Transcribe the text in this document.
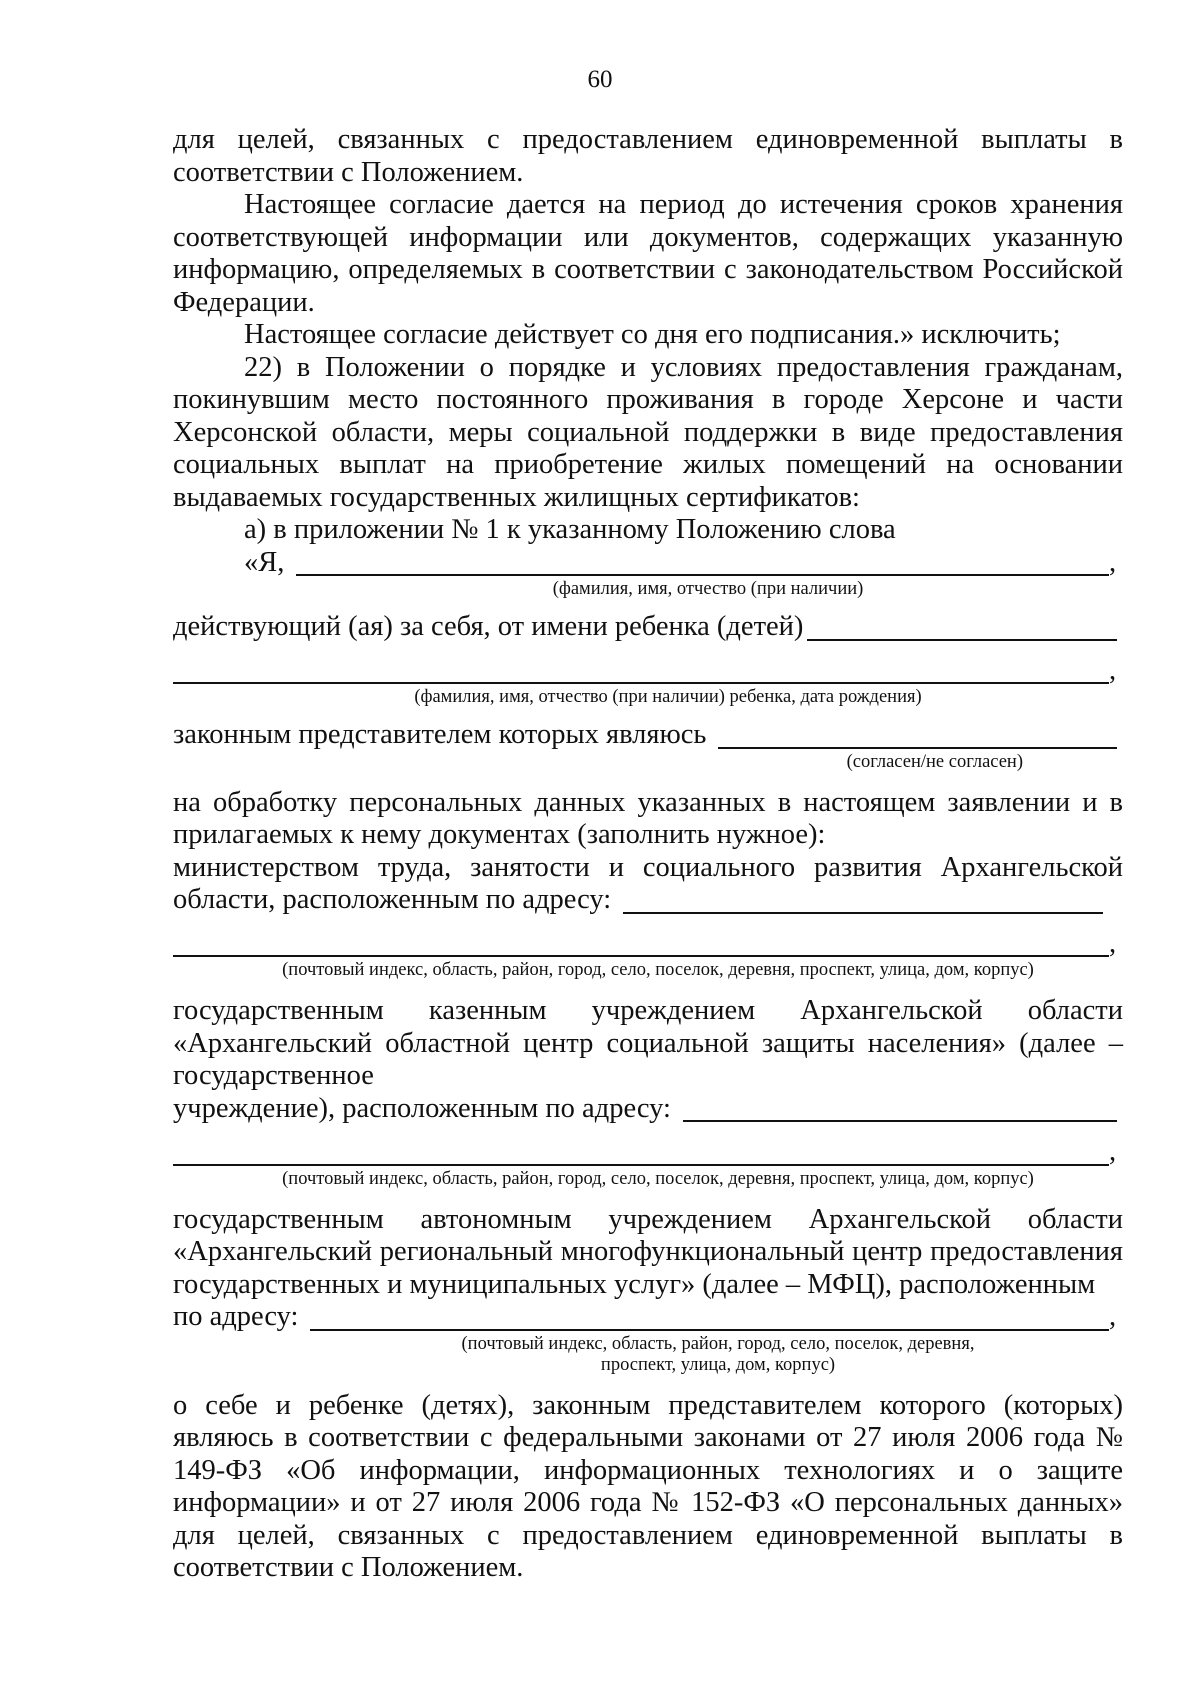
60

для целей, связанных с предоставлением единовременной выплаты в соответствии с Положением.

Настоящее согласие дается на период до истечения сроков хранения соответствующей информации или документов, содержащих указанную информацию, определяемых в соответствии с законодательством Российской Федерации.

Настоящее согласие действует со дня его подписания.» исключить;

22) в Положении о порядке и условиях предоставления гражданам, покинувшим место постоянного проживания в городе Херсоне и части Херсонской области, меры социальной поддержки в виде предоставления социальных выплат на приобретение жилых помещений на основании выдаваемых государственных жилищных сертификатов:

а) в приложении № 1 к указанному Положению слова

«Я,	,
(фамилия, имя, отчество (при наличии)
действующий (ая) за себя, от имени ребенка (детей)
,
(фамилия, имя, отчество (при наличии) ребенка, дата рождения)
законным представителем которых являюсь
(согласен/не согласен)

на обработку персональных данных указанных в настоящем заявлении и в прилагаемых к нему документах (заполнить нужное):

министерством труда, занятости и социального развития Архангельской

области, расположенным по адресу:
,
(почтовый индекс, область, район, город, село, поселок, деревня, проспект, улица, дом, корпус)

государственным казенным учреждением Архангельской области «Архангельский областной центр социальной защиты населения» (далее – государственное

учреждение), расположенным по адресу:
,
(почтовый индекс, область, район, город, село, поселок, деревня, проспект, улица, дом, корпус)

государственным автономным учреждением Архангельской области «Архангельский региональный многофункциональный центр предоставления государственных и муниципальных услуг» (далее – МФЦ), расположенным

по адресу:	,
(почтовый индекс, область, район, город, село, поселок, деревня,
проспект, улица, дом, корпус)

о себе и ребенке (детях), законным представителем которого (которых) являюсь в соответствии с федеральными законами от 27 июля 2006 года № 149-ФЗ «Об информации, информационных технологиях и о защите информации» и от 27 июля 2006 года № 152-ФЗ «О персональных данных» для целей, связанных с предоставлением единовременной выплаты в соответствии с Положением.
